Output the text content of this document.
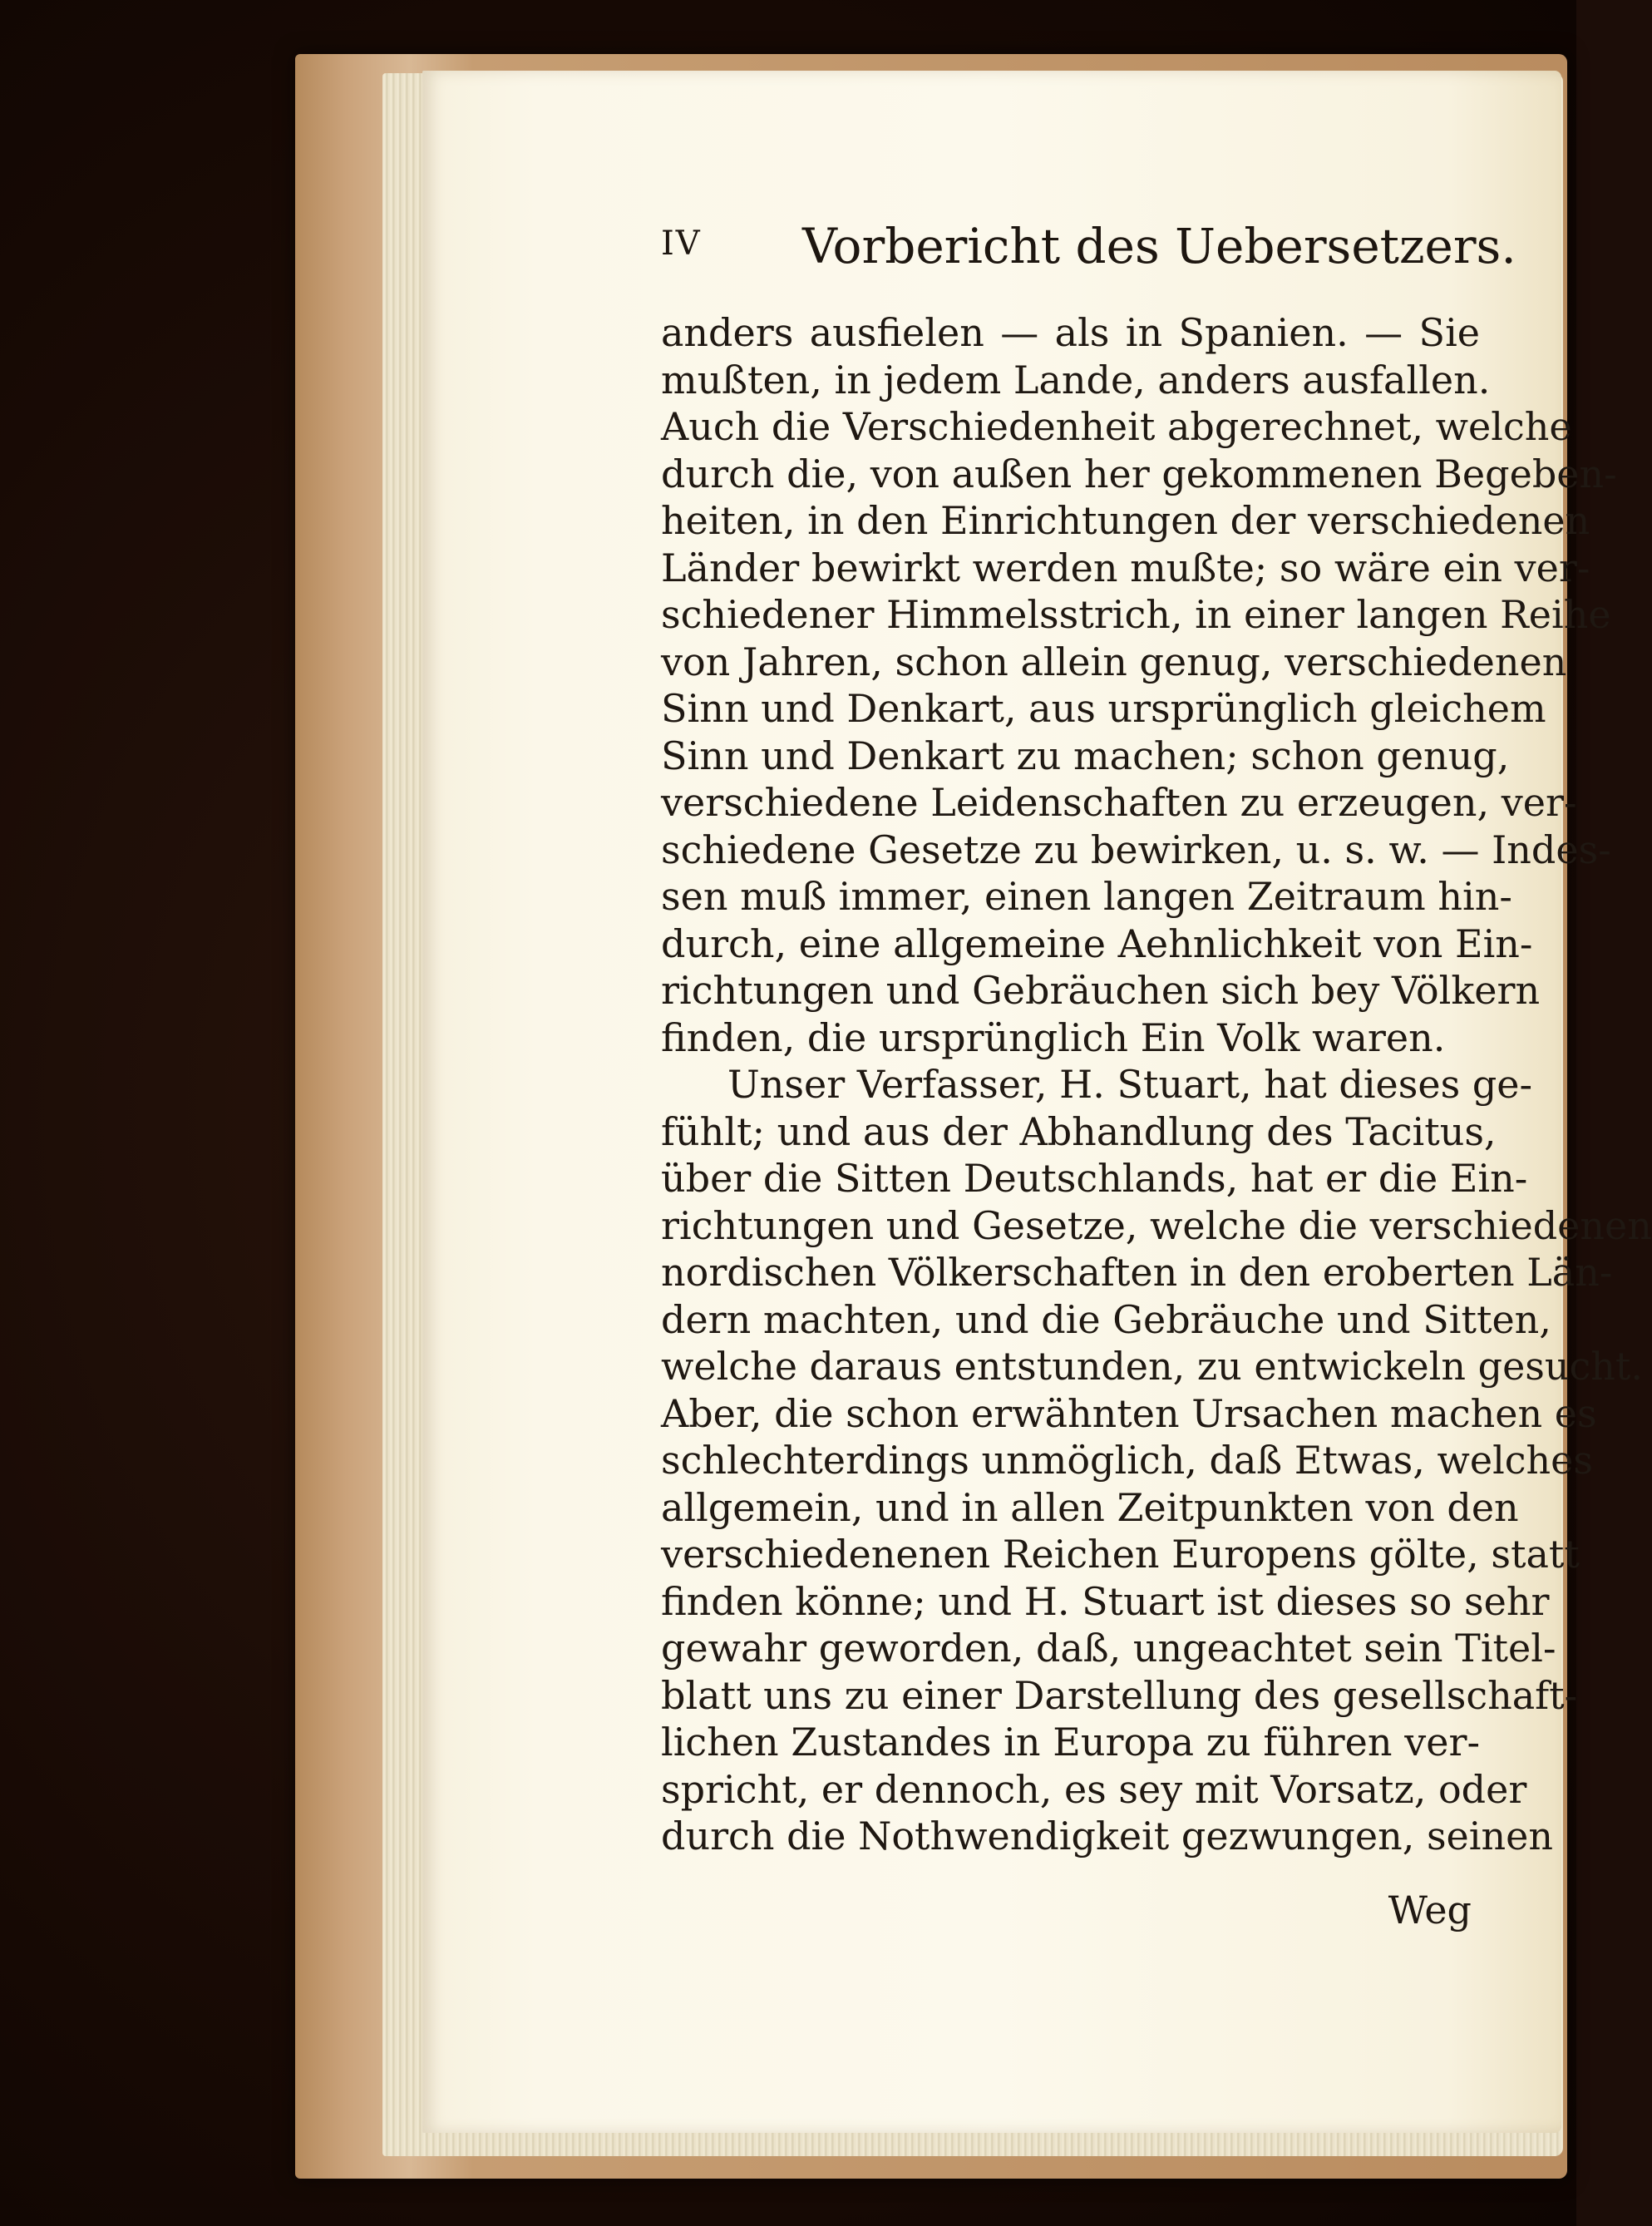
IV Vorbericht des Uebersetzers.
anders ausfielen — als in Spanien. — Sie
mußten, in jedem Lande, anders ausfallen.
Auch die Verschiedenheit abgerechnet, welche
durch die, von außen her gekommenen Begeben-
heiten, in den Einrichtungen der verschiedenen
Länder bewirkt werden mußte; so wäre ein ver-
schiedener Himmelsstrich, in einer langen Reihe
von Jahren, schon allein genug, verschiedenen
Sinn und Denkart, aus ursprünglich gleichem
Sinn und Denkart zu machen; schon genug,
verschiedene Leidenschaften zu erzeugen, ver-
schiedene Gesetze zu bewirken, u. s. w. — Indes-
sen muß immer, einen langen Zeitraum hin-
durch, eine allgemeine Aehnlichkeit von Ein-
richtungen und Gebräuchen sich bey Völkern
finden, die ursprünglich Ein Volk waren.
Unser Verfasser, H. Stuart, hat dieses ge-
fühlt; und aus der Abhandlung des Tacitus,
über die Sitten Deutschlands, hat er die Ein-
richtungen und Gesetze, welche die verschiedenen
nordischen Völkerschaften in den eroberten Län-
dern machten, und die Gebräuche und Sitten,
welche daraus entstunden, zu entwickeln gesucht.
Aber, die schon erwähnten Ursachen machen es
schlechterdings unmöglich, daß Etwas, welches
allgemein, und in allen Zeitpunkten von den
verschiedenenen Reichen Europens gölte, statt
finden könne; und H. Stuart ist dieses so sehr
gewahr geworden, daß, ungeachtet sein Titel-
blatt uns zu einer Darstellung des gesellschaft-
lichen Zustandes in Europa zu führen ver-
spricht, er dennoch, es sey mit Vorsatz, oder
durch die Nothwendigkeit gezwungen, seinen
Weg
